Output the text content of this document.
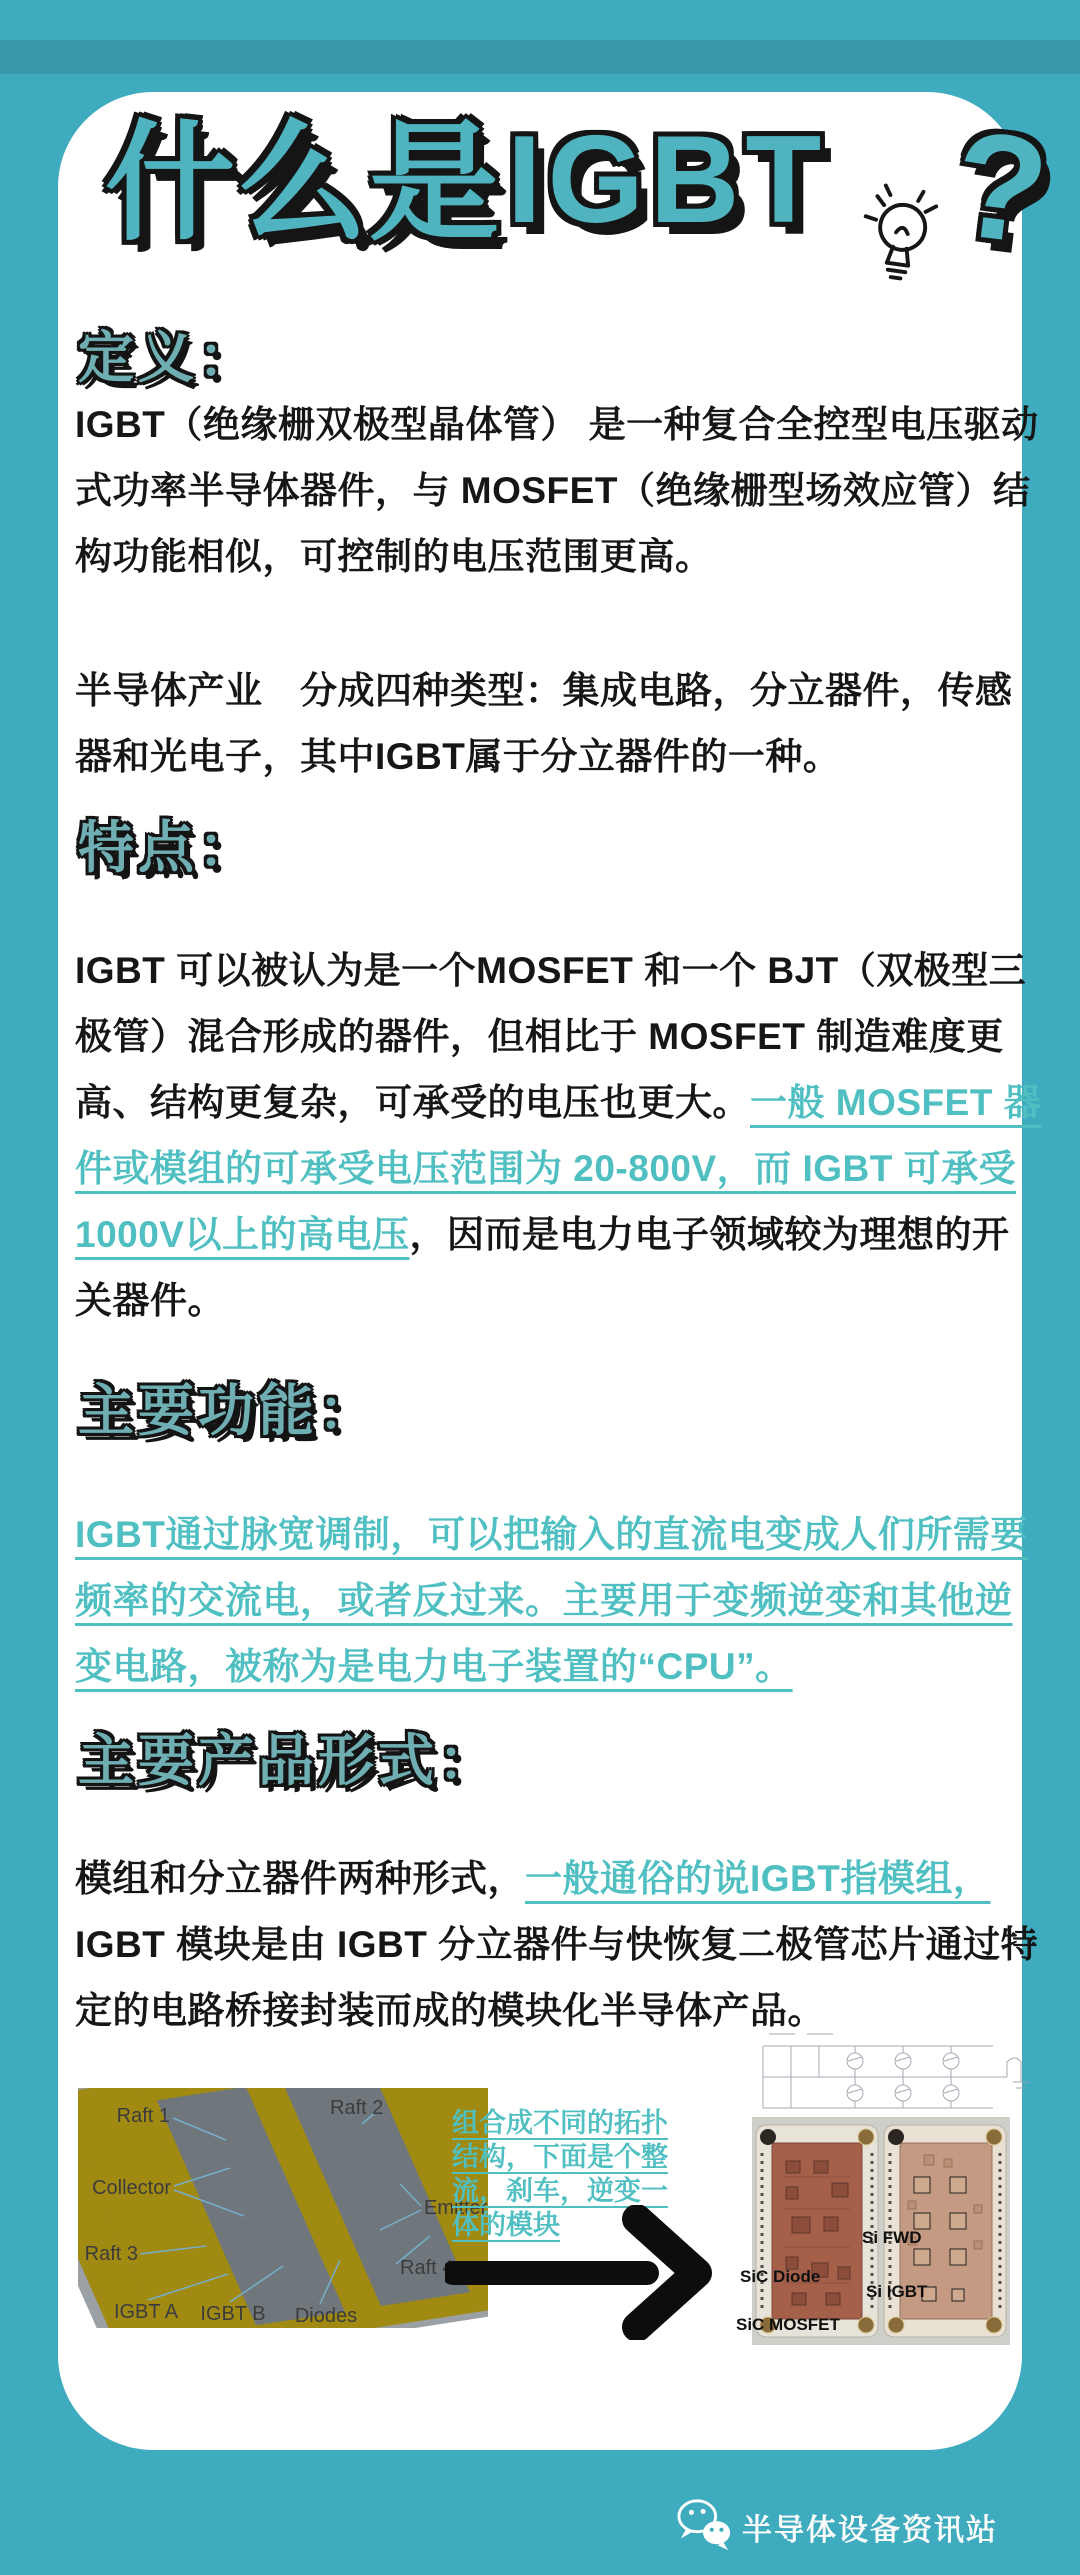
什么是 IGBT ?
定义：
IGBT（绝缘栅双极型晶体管） 是一种复合全控型电压驱动
式功率半导体器件，与 MOSFET（绝缘栅型场效应管）结
构功能相似，可控制的电压范围更高。
半导体产业　分成四种类型：集成电路，分立器件，传感
器和光电子，其中IGBT属于分立器件的一种。
特点：
IGBT 可以被认为是一个MOSFET 和一个 BJT（双极型三
极管）混合形成的器件，但相比于 MOSFET 制造难度更
高、结构更复杂，可承受的电压也更大。一般 MOSFET 器
件或模组的可承受电压范围为 20-800V，而 IGBT 可承受
1000V以上的高电压，因而是电力电子领域较为理想的开
关器件。
主要功能：
IGBT通过脉宽调制，可以把输入的直流电变成人们所需要
频率的交流电，或者反过来。主要用于变频逆变和其他逆
变电路，被称为是电力电子装置的“CPU”。
主要产品形式：
模组和分立器件两种形式，一般通俗的说IGBT指模组，
IGBT 模块是由 IGBT 分立器件与快恢复二极管芯片通过特
定的电路桥接封装而成的模块化半导体产品。
Raft 1	Raft 2
Collector
Emitter
Raft 3
Raft 4
IGBT A IGBT B Diodes
组合成不同的拓扑
结构，下面是个整
流，刹车，逆变一
体的模块	Si FWD
SiC Diode
Si IGBT
SiC MOSFET
半导体设备资讯站
